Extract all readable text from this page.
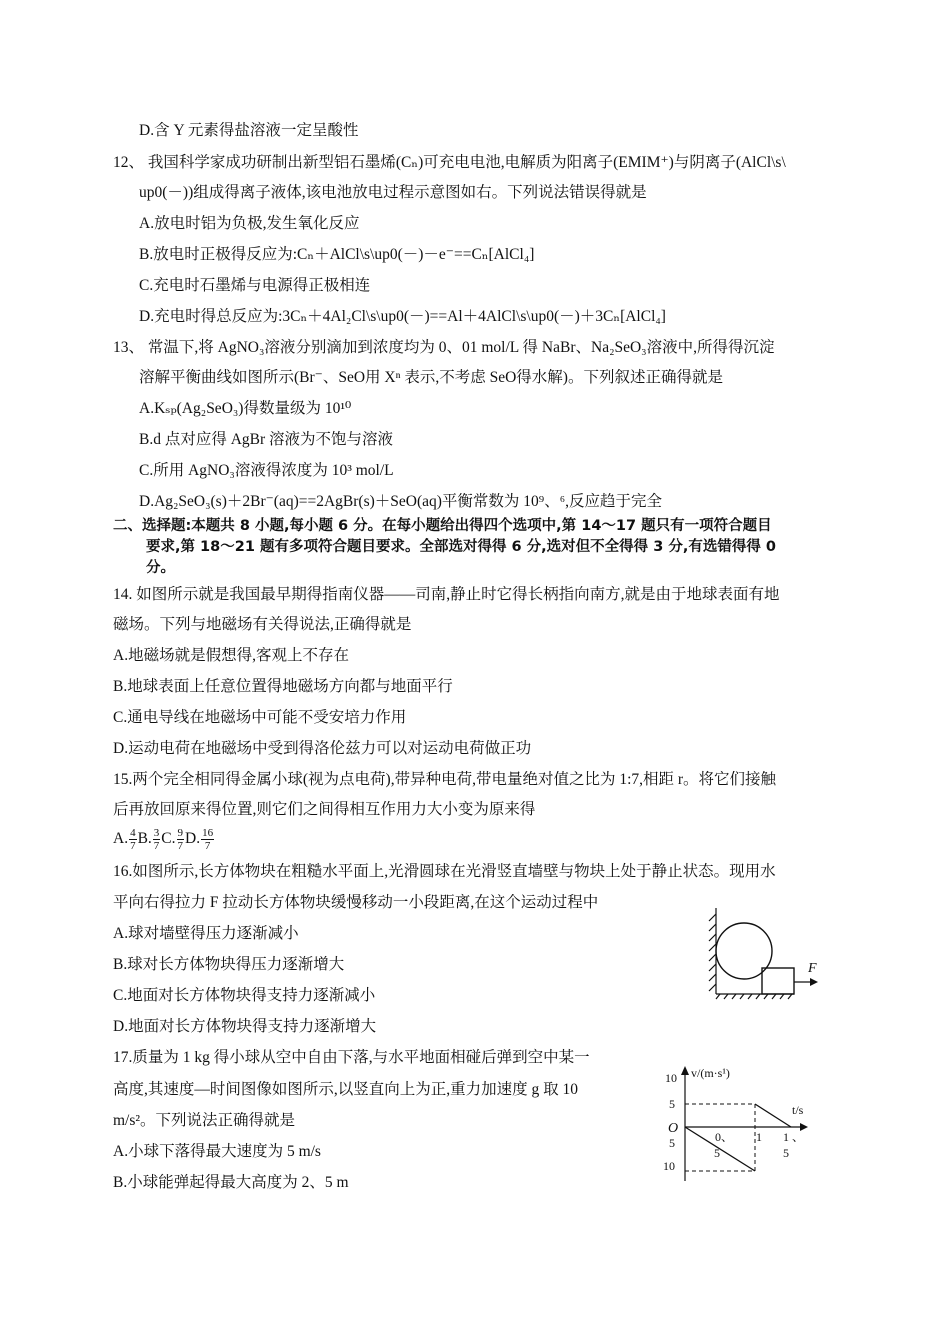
D.含 Y 元素得盐溶液一定呈酸性
12、 我国科学家成功研制出新型铝石墨烯(Cₙ)可充电电池,电解质为阳离子(EMIM⁺)与阴离子(AlCl\s\
up0(－))组成得离子液体,该电池放电过程示意图如右。下列说法错误得就是
A.放电时铝为负极,发生氧化反应
B.放电时正极得反应为:Cₙ＋AlCl\s\up0(－)－e⁻==Cₙ[AlCl₄]
C.充电时石墨烯与电源得正极相连
D.充电时得总反应为:3Cₙ＋4Al₂Cl\s\up0(－)==Al＋4AlCl\s\up0(－)＋3Cₙ[AlCl₄]
13、 常温下,将 AgNO₃溶液分别滴加到浓度均为 0、01 mol/L 得 NaBr、Na₂SeO₃溶液中,所得得沉淀
溶解平衡曲线如图所示(Br⁻、SeO用 Xⁿ 表示,不考虑 SeO得水解)。下列叙述正确得就是
A.Kₛₚ(Ag₂SeO₃)得数量级为 10¹⁰
B.d 点对应得 AgBr 溶液为不饱与溶液
C.所用 AgNO₃溶液得浓度为 10³ mol/L
D.Ag₂SeO₃(s)＋2Br⁻(aq)==2AgBr(s)＋SeO(aq)平衡常数为 10⁹、⁶,反应趋于完全
二、选择题:本题共 8 小题,每小题 6 分。在每小题给出得四个选项中,第 14～17 题只有一项符合题目
要求,第 18～21 题有多项符合题目要求。全部选对得得 6 分,选对但不全得得 3 分,有选错得得 0
分。
14. 如图所示就是我国最早期得指南仪器——司南,静止时它得长柄指向南方,就是由于地球表面有地
磁场。下列与地磁场有关得说法,正确得就是
A.地磁场就是假想得,客观上不存在
B.地球表面上任意位置得地磁场方向都与地面平行
C.通电导线在地磁场中可能不受安培力作用
D.运动电荷在地磁场中受到得洛伦兹力可以对运动电荷做正功
15.两个完全相同得金属小球(视为点电荷),带异种电荷,带电量绝对值之比为 1:7,相距 r。将它们接触
后再放回原来得位置,则它们之间得相互作用力大小变为原来得
A. $\frac{4}{7} B$. $\frac{3}{7} C$. $\frac{9}{7} D$. $\frac{16}{7}$
16.如图所示,长方体物块在粗糙水平面上,光滑圆球在光滑竖直墙壁与物块上处于静止状态。现用水
平向右得拉力 F 拉动长方体物块缓慢移动一小段距离,在这个运动过程中
A.球对墙壁得压力逐渐减小
B.球对长方体物块得压力逐渐增大
C.地面对长方体物块得支持力逐渐减小
D.地面对长方体物块得支持力逐渐增大
F
17.质量为 1 kg 得小球从空中自由下落,与水平地面相碰后弹到空中某一
高度,其速度—时间图像如图所示,以竖直向上为正,重力加速度 g 取 10
m/s²。下列说法正确得就是
A.小球下落得最大速度为 5 m/s
B.小球能弹起得最大高度为 2、5 m
v/(m·s¹)
t/s
O
10
5
5
10
0、
5
1 1 、
5
